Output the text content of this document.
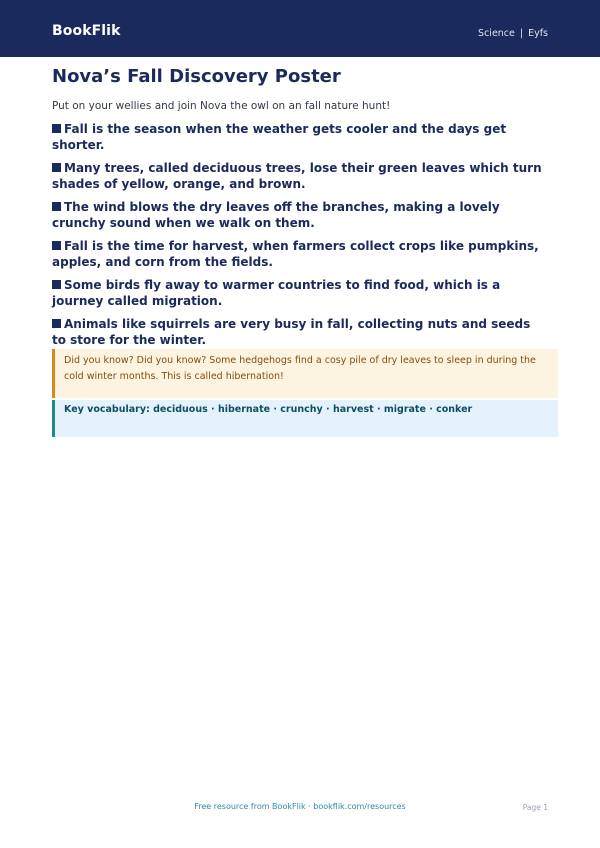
BookFlik	Science | Eyfs
Nova’s Fall Discovery Poster

Put on your wellies and join Nova the owl on an fall nature hunt!

Fall is the season when the weather gets cooler and the days get shorter.
Many trees, called deciduous trees, lose their green leaves which turn shades of yellow, orange, and brown.
The wind blows the dry leaves off the branches, making a lovely crunchy sound when we walk on them.
Fall is the time for harvest, when farmers collect crops like pumpkins, apples, and corn from the fields.
Some birds fly away to warmer countries to find food, which is a journey called migration.
Animals like squirrels are very busy in fall, collecting nuts and seeds to store for the winter.
Did you know? Did you know? Some hedgehogs find a cosy pile of dry leaves to sleep in during the cold winter months. This is called hibernation!
Key vocabulary: deciduous · hibernate · crunchy · harvest · migrate · conker
Free resource from BookFlik · bookflik.com/resources	Page 1
